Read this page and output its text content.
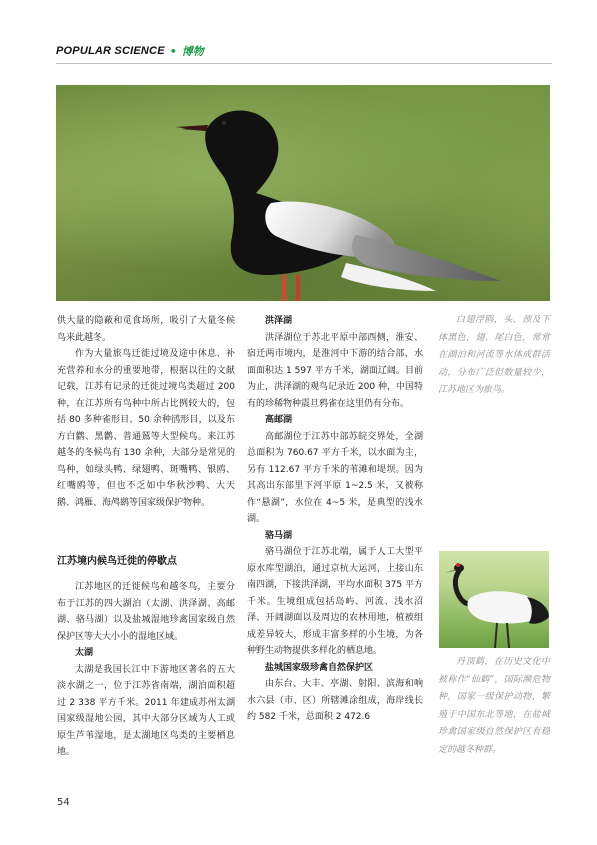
POPULAR SCIENCE • 博物

供大量的隐蔽和觅食场所，吸引了大量冬候鸟来此越冬。

作为大量旅鸟迁徙过境及途中休息、补充营养和水分的重要地带，根据以往的文献记载，江苏有记录的迁徙过境鸟类超过 200 种，在江苏所有鸟种中所占比例较大的，包括 80 多种雀形目、50 余种鸻形目，以及东方白鹳、黑鹳、普通鵟等大型候鸟。来江苏越冬的冬候鸟有 130 余种，大部分是常见的鸟种，如绿头鸭、绿翅鸭、斑嘴鸭、银鸥、红嘴鸥等，但也不乏如中华秋沙鸭、大天鹅、鸿雁、海鸬鹚等国家级保护物种。

江苏境内候鸟迁徙的停歇点

江苏地区的迁徙候鸟和越冬鸟，主要分布于江苏的四大湖泊（太湖、洪泽湖、高邮湖、骆马湖）以及盐城湿地珍禽国家级自然保护区等大大小小的湿地区域。

太湖

太湖是我国长江中下游地区著名的五大淡水湖之一，位于江苏省南端，湖泊面积超过 2 338 平方千米。2011 年建成苏州太湖国家级湿地公园，其中大部分区域为人工或原生芦苇湿地，是太湖地区鸟类的主要栖息地。

洪泽湖

洪泽湖位于苏北平原中部西侧，淮安、宿迁两市境内，是淮河中下游的结合部，水面面积达 1 597 平方千米，湖面辽阔。目前为止，洪泽湖的观鸟记录近 200 种，中国特有的珍稀物种震旦鸦雀在这里仍有分布。

高邮湖

高邮湖位于江苏中部苏皖交界处，全湖总面积为 760.67 平方千米，以水面为主，另有 112.67 平方千米的苇滩和堤坝。因为其高出东部里下河平原 1~2.5 米，又被称作“悬湖”，水位在 4~5 米，是典型的浅水湖。

骆马湖

骆马湖位于江苏北端，属于人工大型平原水库型湖泊，通过京杭大运河，上接山东南四湖，下接洪泽湖，平均水面积 375 平方千米。生境组成包括岛屿、河流、浅水沼泽、开阔湖面以及周边的农林用地，植被组成差异较大，形成丰富多样的小生境，为各种野生动物提供多样化的栖息地。

盐城国家级珍禽自然保护区

由东台、大丰、亭湖、射阳、滨海和响水六县（市、区）所辖滩涂组成，海岸线长约 582 千米，总面积 2 472.6

白翅浮鸥，头、颈及下体黑色，翅、尾白色，常常在湖泊和河流等水体成群活动，分布广泛但数量较少，江苏地区为旅鸟。
丹顶鹤，在历史文化中被称作“仙鹤”，国际濒危物种，国家一级保护动物，繁殖于中国东北等地，在盐城珍禽国家级自然保护区有稳定的越冬种群。
54
